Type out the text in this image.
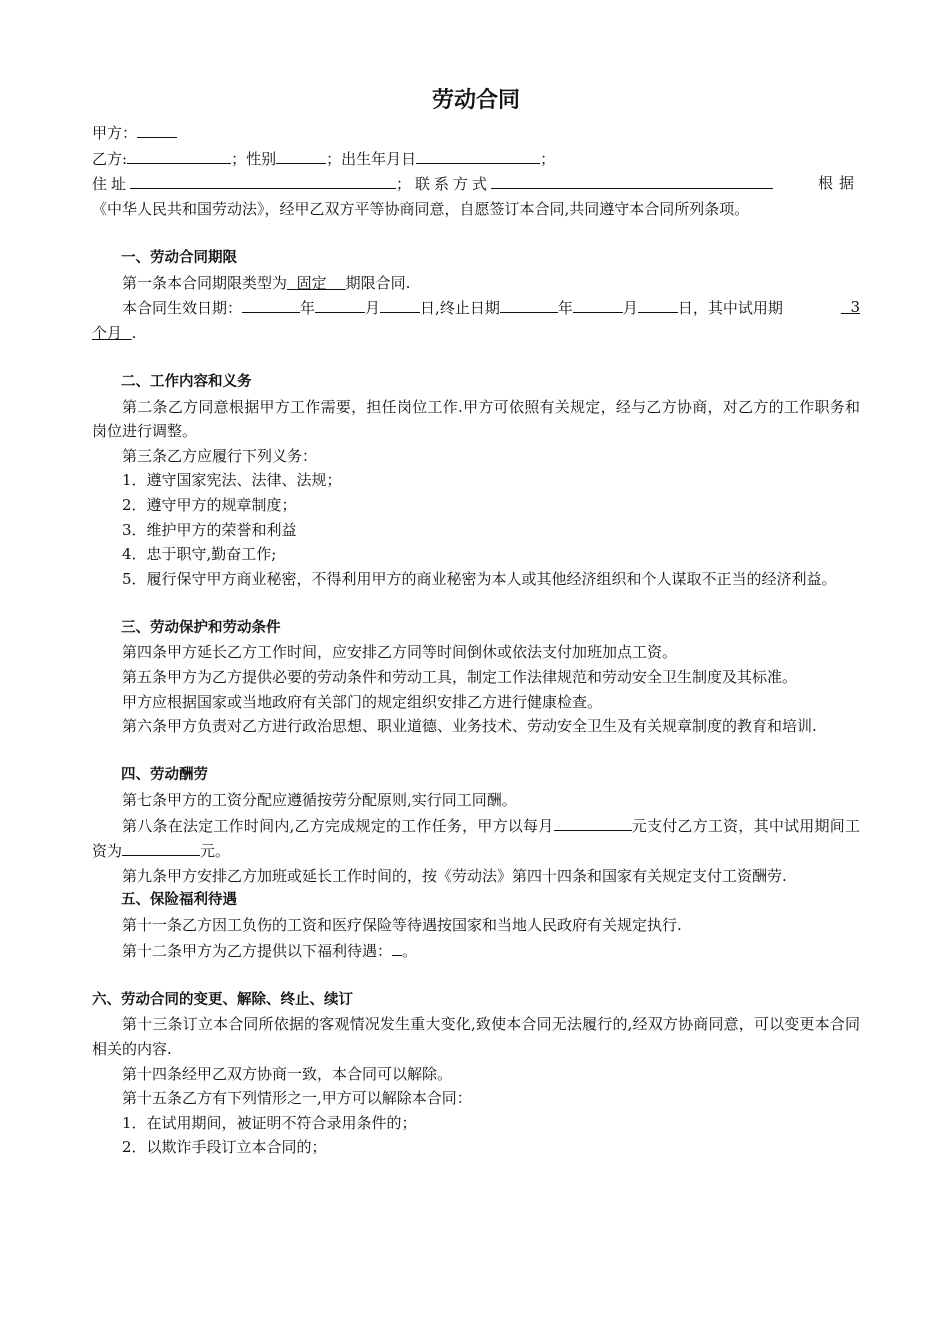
劳动合同
甲方：
乙方:	；性别	；出生年月日	；
住址	；联系方式	根据
《中华人民共和国劳动法》，经甲乙双方平等协商同意，自愿签订本合同,共同遵守本合同所列条项。
一、劳动合同期限
第一条本合同期限类型为 固定 期限合同.
本合同生效日期：	年	月	日,终止日期	年	月	日，其中试用期	3
个月 .
二、工作内容和义务
第二条乙方同意根据甲方工作需要，担任岗位工作.甲方可依照有关规定，经与乙方协商，对乙方的工作职务和岗位进行调整。
第三条乙方应履行下列义务：
1．遵守国家宪法、法律、法规；
2．遵守甲方的规章制度；
3．维护甲方的荣誉和利益
4．忠于职守,勤奋工作;
5．履行保守甲方商业秘密，不得利用甲方的商业秘密为本人或其他经济组织和个人谋取不正当的经济利益。
三、劳动保护和劳动条件
第四条甲方延长乙方工作时间，应安排乙方同等时间倒休或依法支付加班加点工资。
第五条甲方为乙方提供必要的劳动条件和劳动工具，制定工作法律规范和劳动安全卫生制度及其标准。
甲方应根据国家或当地政府有关部门的规定组织安排乙方进行健康检查。
第六条甲方负责对乙方进行政治思想、职业道德、业务技术、劳动安全卫生及有关规章制度的教育和培训.
四、劳动酬劳
第七条甲方的工资分配应遵循按劳分配原则,实行同工同酬。
第八条在法定工作时间内,乙方完成规定的工作任务，甲方以每月	元支付乙方工资，其中试用期间工资为	元。
第九条甲方安排乙方加班或延长工作时间的，按《劳动法》第四十四条和国家有关规定支付工资酬劳.
五、保险福利待遇
第十一条乙方因工负伤的工资和医疗保险等待遇按国家和当地人民政府有关规定执行.
第十二条甲方为乙方提供以下福利待遇： 。
六、劳动合同的变更、解除、终止、续订
第十三条订立本合同所依据的客观情况发生重大变化,致使本合同无法履行的,经双方协商同意，可以变更本合同相关的内容.
第十四条经甲乙双方协商一致，本合同可以解除。
第十五条乙方有下列情形之一,甲方可以解除本合同：
1．在试用期间，被证明不符合录用条件的；
2．以欺诈手段订立本合同的；
